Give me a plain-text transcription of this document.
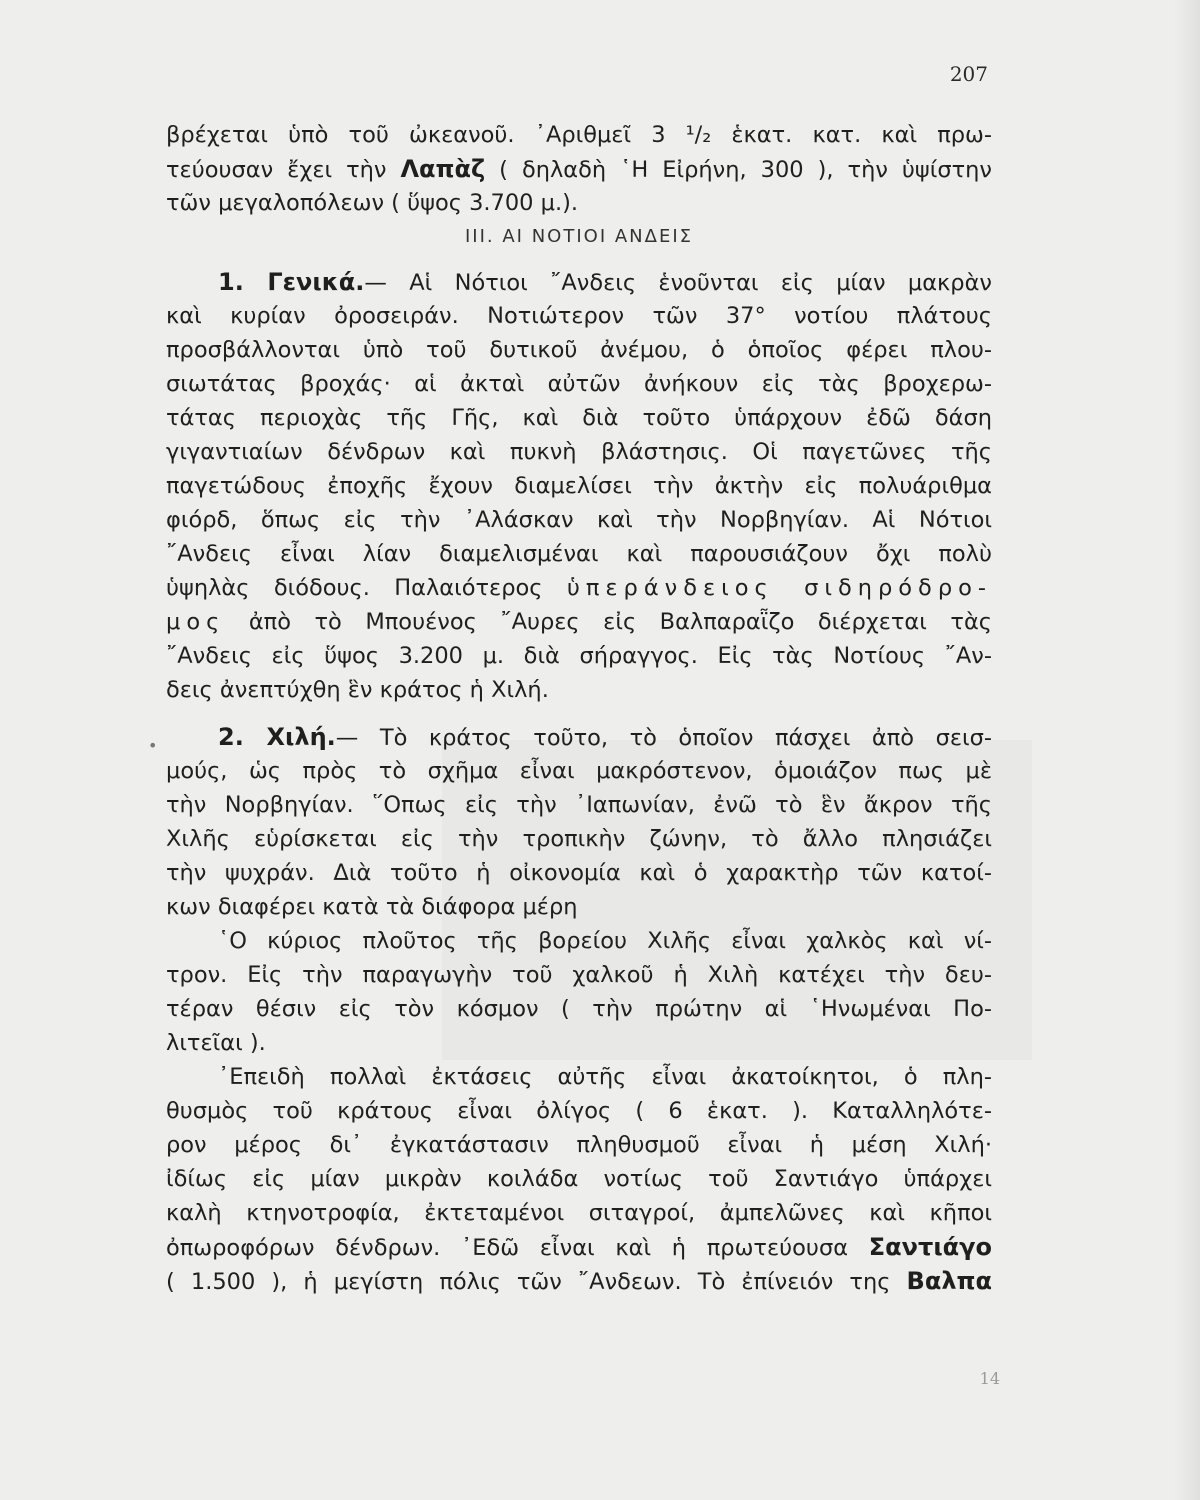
207
βρέχεται ὑπὸ τοῦ ὠκεανοῦ. ᾿Αριθμεῖ 3 ¹/₂ ἑκατ. κατ. καὶ πρω-
τεύουσαν ἔχει τὴν Λαπὰζ ( δηλαδὴ ῾Η Εἰρήνη, 300 ), τὴν ὑψίστην
τῶν μεγαλοπόλεων ( ὕψος 3.700 μ.).
ΙΙΙ. ΑΙ ΝΟΤΙΟΙ ΑΝΔΕΙΣ
1. Γενικά.— Αἱ Νότιοι ῎Ανδεις ἑνοῦνται εἰς μίαν μακρὰν
καὶ κυρίαν ὀροσειράν. Νοτιώτερον τῶν 37° νοτίου πλάτους
προσβάλλονται ὑπὸ τοῦ δυτικοῦ ἀνέμου, ὁ ὁποῖος φέρει πλου-
σιωτάτας βροχάς· αἱ ἀκταὶ αὐτῶν ἀνήκουν εἰς τὰς βροχερω-
τάτας περιοχὰς τῆς Γῆς, καὶ διὰ τοῦτο ὑπάρχουν ἐδῶ δάση
γιγαντιαίων δένδρων καὶ πυκνὴ βλάστησις. Οἱ παγετῶνες τῆς
παγετώδους ἐποχῆς ἔχουν διαμελίσει τὴν ἀκτὴν εἰς πολυάριθμα
φιόρδ, ὅπως εἰς τὴν ᾿Αλάσκαν καὶ τὴν Νορβηγίαν. Αἱ Νότιοι
῎Ανδεις εἶναι λίαν διαμελισμέναι καὶ παρουσιάζουν ὄχι πολὺ
ὑψηλὰς διόδους. Παλαιότερος ὑπεράνδειος σιδηρόδρο-
μος ἀπὸ τὸ Μπουένος ῎Αυρες εἰς Βαλπαραῗζο διέρχεται τὰς
῎Ανδεις εἰς ὕψος 3.200 μ. διὰ σήραγγος. Εἰς τὰς Νοτίους ῎Αν-
δεις ἀνεπτύχθη ἓν κράτος ἡ Χιλή.
2. Χιλή.— Τὸ κράτος τοῦτο, τὸ ὁποῖον πάσχει ἀπὸ σεισ-
μούς, ὡς πρὸς τὸ σχῆμα εἶναι μακρόστενον, ὁμοιάζον πως μὲ
τὴν Νορβηγίαν. ῞Οπως εἰς τὴν ᾿Ιαπωνίαν, ἐνῶ τὸ ἓν ἄκρον τῆς
Χιλῆς εὑρίσκεται εἰς τὴν τροπικὴν ζώνην, τὸ ἄλλο πλησιάζει
τὴν ψυχράν. Διὰ τοῦτο ἡ οἰκονομία καὶ ὁ χαρακτὴρ τῶν κατοί-
κων διαφέρει κατὰ τὰ διάφορα μέρη
῾Ο κύριος πλοῦτος τῆς βορείου Χιλῆς εἶναι χαλκὸς καὶ νί-
τρον. Εἰς τὴν παραγωγὴν τοῦ χαλκοῦ ἡ Χιλὴ κατέχει τὴν δευ-
τέραν θέσιν εἰς τὸν κόσμον ( τὴν πρώτην αἱ ῾Ηνωμέναι Πο-
λιτεῖαι ).
᾿Επειδὴ πολλαὶ ἐκτάσεις αὐτῆς εἶναι ἀκατοίκητοι, ὁ πλη-
θυσμὸς τοῦ κράτους εἶναι ὀλίγος ( 6 ἑκατ. ). Καταλληλότε-
ρον μέρος δι᾿ ἐγκατάστασιν πληθυσμοῦ εἶναι ἡ μέση Χιλή·
ἰδίως εἰς μίαν μικρὰν κοιλάδα νοτίως τοῦ Σαντιάγο ὑπάρχει
καλὴ κτηνοτροφία, ἐκτεταμένοι σιταγροί, ἀμπελῶνες καὶ κῆποι
ὀπωροφόρων δένδρων. ᾿Εδῶ εἶναι καὶ ἡ πρωτεύουσα Σαντιάγο
( 1.500 ), ἡ μεγίστη πόλις τῶν ῎Ανδεων. Τὸ ἐπίνειόν της Βαλπα
•
14
